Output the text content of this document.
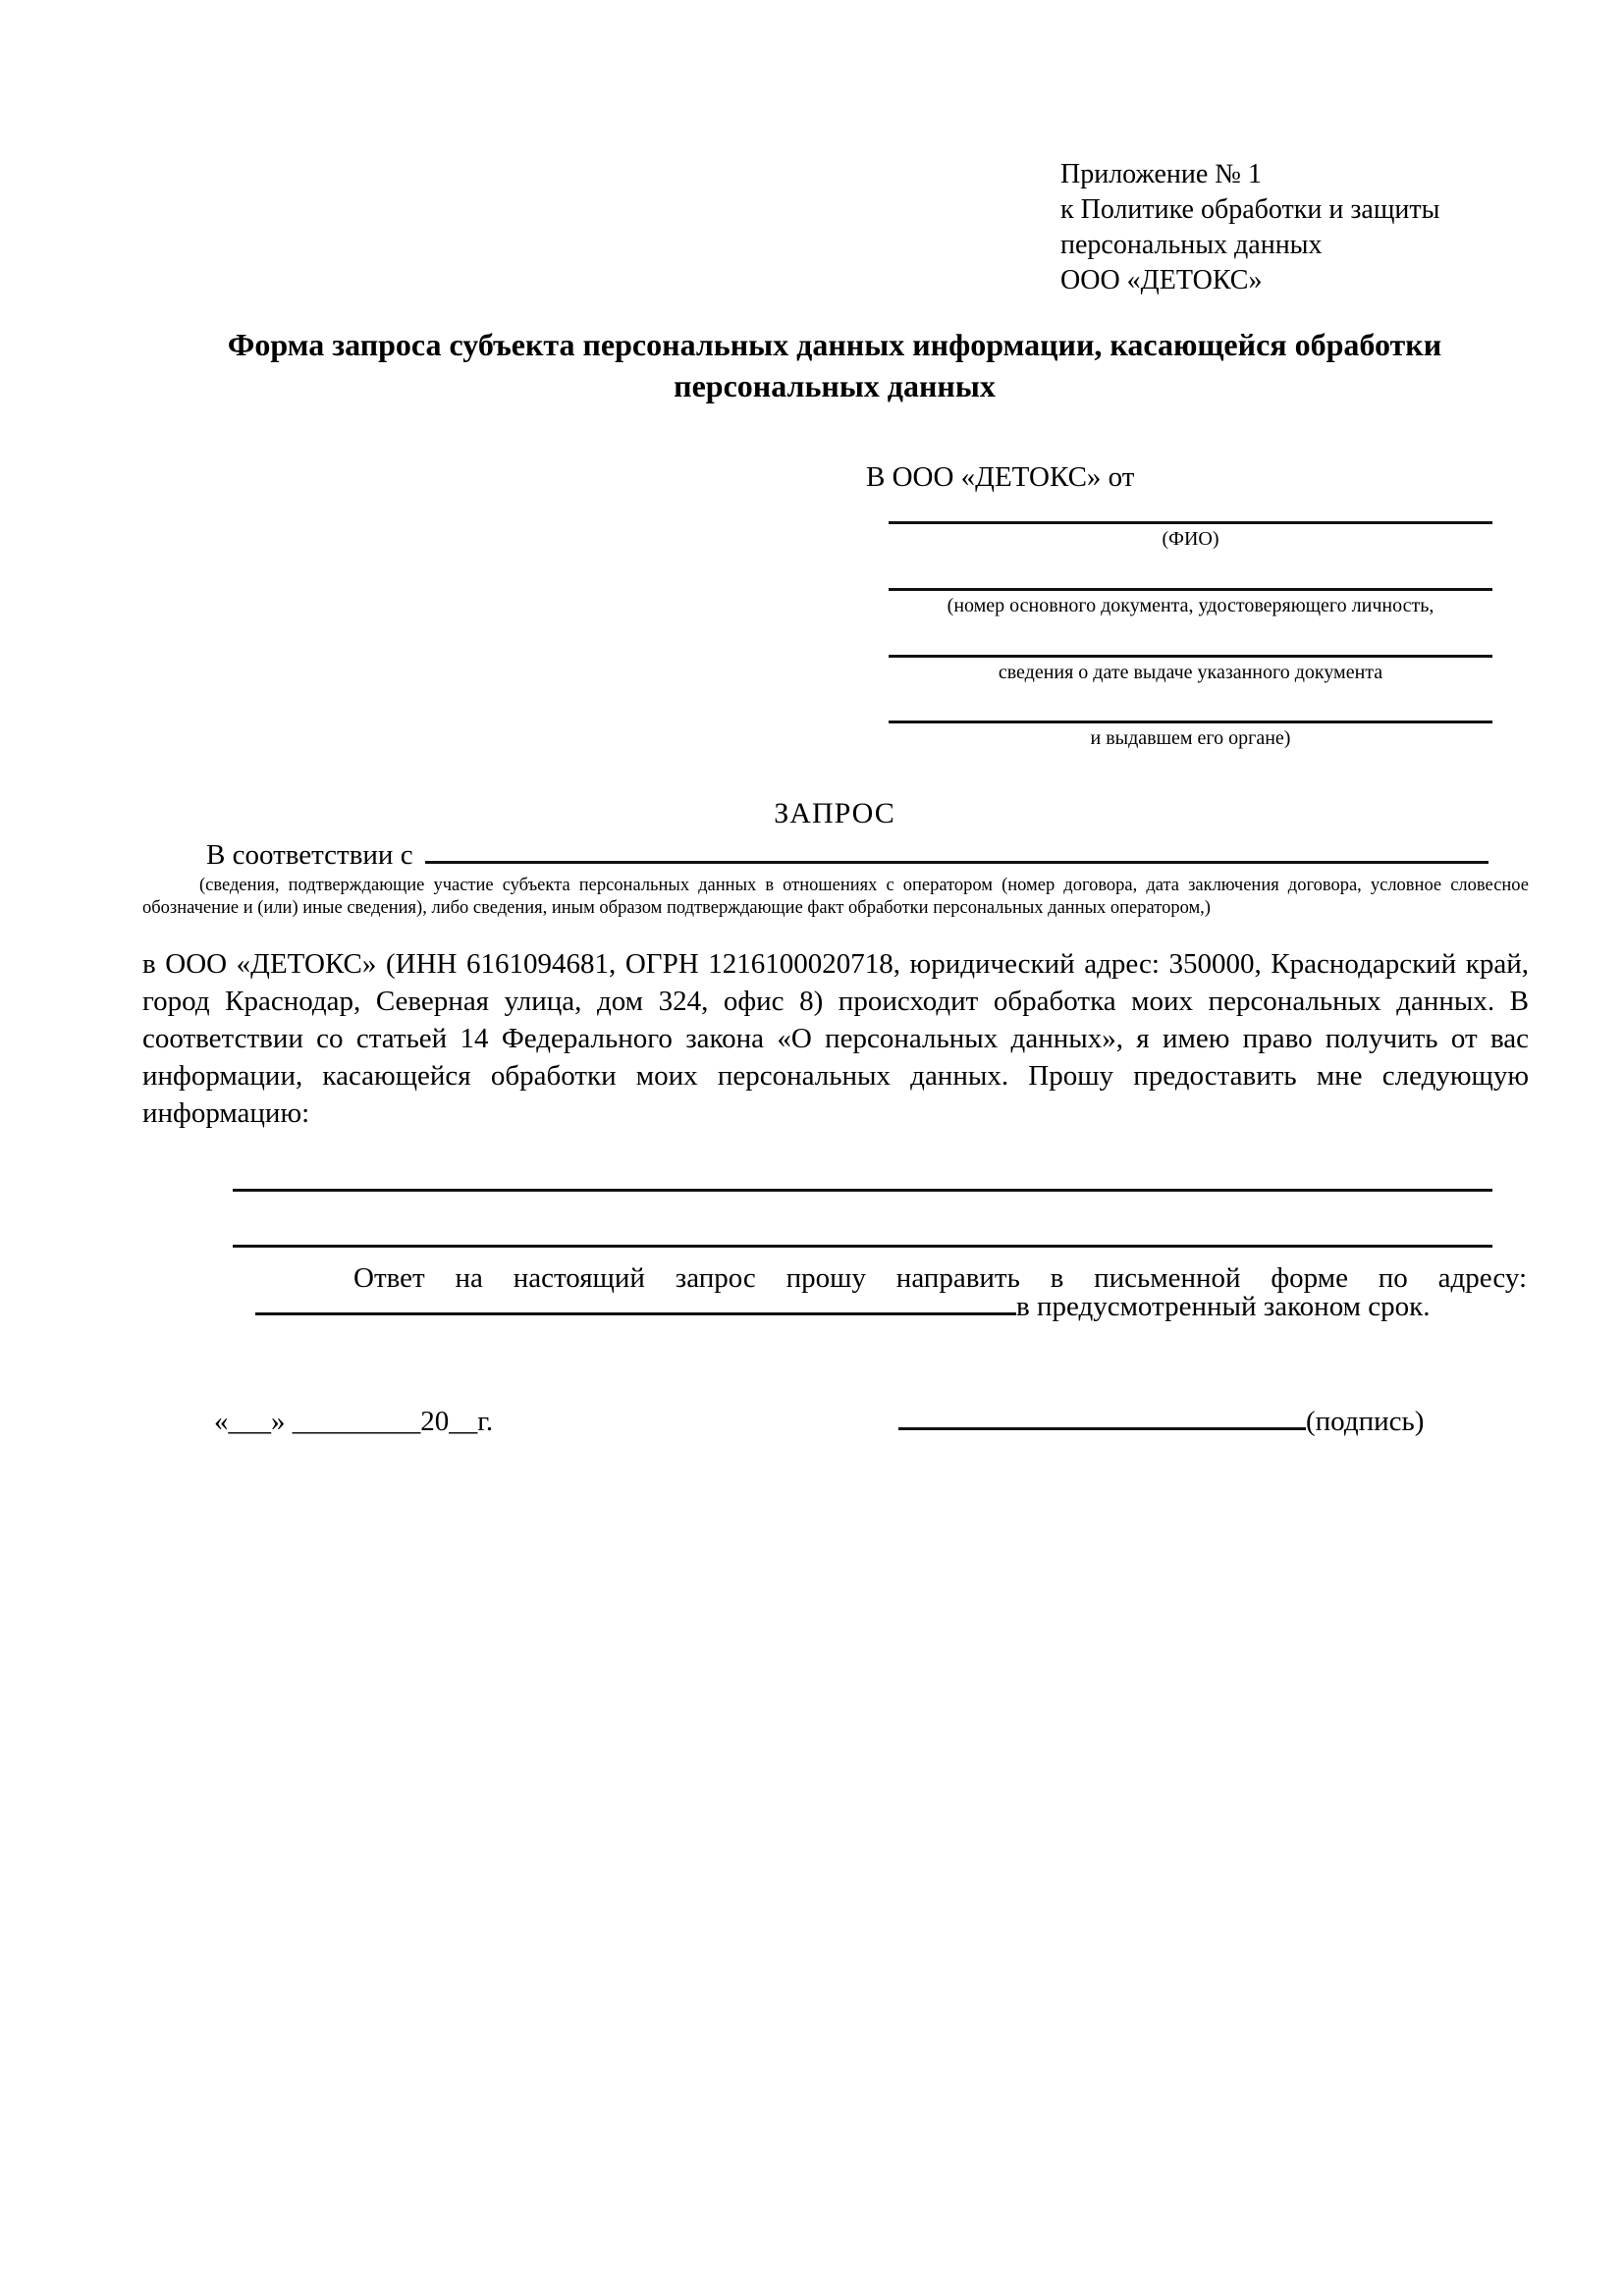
Приложение № 1
к Политике обработки и защиты
персональных данных
ООО «ДЕТОКС»
Форма запроса субъекта персональных данных информации, касающейся обработки персональных данных
В ООО «ДЕТОКС» от
(ФИО)
(номер основного документа, удостоверяющего личность,
сведения о дате выдаче указанного документа
и выдавшем его органе)
ЗАПРОС
В соответствии с

(сведения, подтверждающие участие субъекта персональных данных в отношениях с оператором (номер договора, дата заключения договора, условное словесное обозначение и (или) иные сведения), либо сведения, иным образом подтверждающие факт обработки персональных данных оператором,)

в ООО «ДЕТОКС» (ИНН 6161094681, ОГРН 1216100020718, юридический адрес: 350000, Краснодарский край, город Краснодар, Северная улица, дом 324, офис 8) происходит обработка моих персональных данных. В соответствии со статьей 14 Федерального закона «О персональных данных», я имею право получить от вас информации, касающейся обработки моих персональных данных. Прошу предоставить мне следующую информацию:

Ответ на настоящий запрос прошу направить в письменной форме по адресу:

в предусмотренный законом срок.
«___» _________20__г.	(подпись)
